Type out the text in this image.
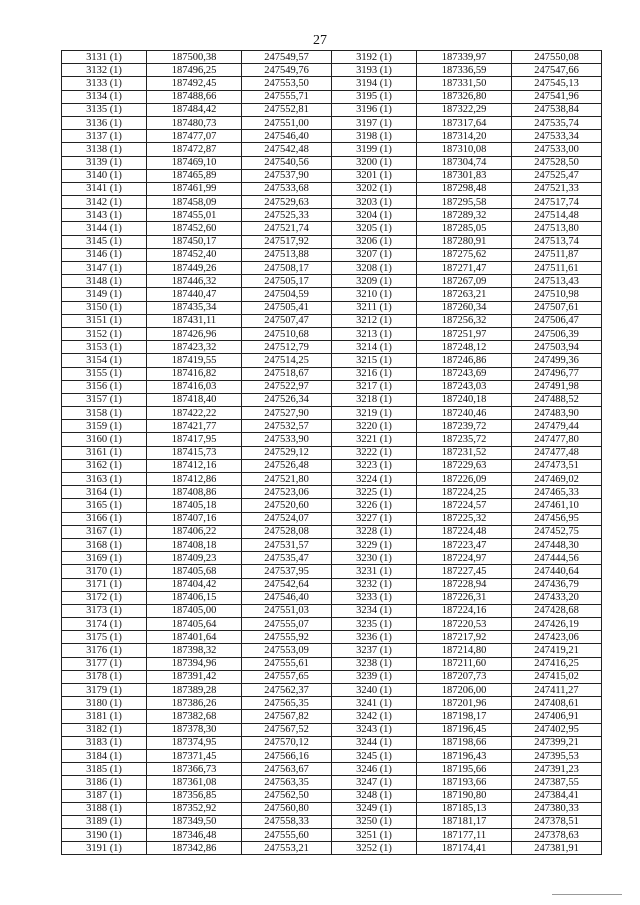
27
3131 (1)	187500,38	247549,57	3192 (1)	187339,97	247550,08
3132 (1)	187496,25	247549,76	3193 (1)	187336,59	247547,66
3133 (1)	187492,45	247553,50	3194 (1)	187331,50	247545,13
3134 (1)	187488,66	247555,71	3195 (1)	187326,80	247541,96
3135 (1)	187484,42	247552,81	3196 (1)	187322,29	247538,84
3136 (1)	187480,73	247551,00	3197 (1)	187317,64	247535,74
3137 (1)	187477,07	247546,40	3198 (1)	187314,20	247533,34
3138 (1)	187472,87	247542,48	3199 (1)	187310,08	247533,00
3139 (1)	187469,10	247540,56	3200 (1)	187304,74	247528,50
3140 (1)	187465,89	247537,90	3201 (1)	187301,83	247525,47
3141 (1)	187461,99	247533,68	3202 (1)	187298,48	247521,33
3142 (1)	187458,09	247529,63	3203 (1)	187295,58	247517,74
3143 (1)	187455,01	247525,33	3204 (1)	187289,32	247514,48
3144 (1)	187452,60	247521,74	3205 (1)	187285,05	247513,80
3145 (1)	187450,17	247517,92	3206 (1)	187280,91	247513,74
3146 (1)	187452,40	247513,88	3207 (1)	187275,62	247511,87
3147 (1)	187449,26	247508,17	3208 (1)	187271,47	247511,61
3148 (1)	187446,32	247505,17	3209 (1)	187267,09	247513,43
3149 (1)	187440,47	247504,59	3210 (1)	187263,21	247510,98
3150 (1)	187435,34	247505,41	3211 (1)	187260,34	247507,61
3151 (1)	187431,11	247507,47	3212 (1)	187256,32	247506,47
3152 (1)	187426,96	247510,68	3213 (1)	187251,97	247506,39
3153 (1)	187423,32	247512,79	3214 (1)	187248,12	247503,94
3154 (1)	187419,55	247514,25	3215 (1)	187246,86	247499,36
3155 (1)	187416,82	247518,67	3216 (1)	187243,69	247496,77
3156 (1)	187416,03	247522,97	3217 (1)	187243,03	247491,98
3157 (1)	187418,40	247526,34	3218 (1)	187240,18	247488,52
3158 (1)	187422,22	247527,90	3219 (1)	187240,46	247483,90
3159 (1)	187421,77	247532,57	3220 (1)	187239,72	247479,44
3160 (1)	187417,95	247533,90	3221 (1)	187235,72	247477,80
3161 (1)	187415,73	247529,12	3222 (1)	187231,52	247477,48
3162 (1)	187412,16	247526,48	3223 (1)	187229,63	247473,51
3163 (1)	187412,86	247521,80	3224 (1)	187226,09	247469,02
3164 (1)	187408,86	247523,06	3225 (1)	187224,25	247465,33
3165 (1)	187405,18	247520,60	3226 (1)	187224,57	247461,10
3166 (1)	187407,16	247524,07	3227 (1)	187225,32	247456,95
3167 (1)	187406,22	247528,08	3228 (1)	187224,48	247452,75
3168 (1)	187408,18	247531,57	3229 (1)	187223,47	247448,30
3169 (1)	187409,23	247535,47	3230 (1)	187224,97	247444,56
3170 (1)	187405,68	247537,95	3231 (1)	187227,45	247440,64
3171 (1)	187404,42	247542,64	3232 (1)	187228,94	247436,79
3172 (1)	187406,15	247546,40	3233 (1)	187226,31	247433,20
3173 (1)	187405,00	247551,03	3234 (1)	187224,16	247428,68
3174 (1)	187405,64	247555,07	3235 (1)	187220,53	247426,19
3175 (1)	187401,64	247555,92	3236 (1)	187217,92	247423,06
3176 (1)	187398,32	247553,09	3237 (1)	187214,80	247419,21
3177 (1)	187394,96	247555,61	3238 (1)	187211,60	247416,25
3178 (1)	187391,42	247557,65	3239 (1)	187207,73	247415,02
3179 (1)	187389,28	247562,37	3240 (1)	187206,00	247411,27
3180 (1)	187386,26	247565,35	3241 (1)	187201,96	247408,61
3181 (1)	187382,68	247567,82	3242 (1)	187198,17	247406,91
3182 (1)	187378,30	247567,52	3243 (1)	187196,45	247402,95
3183 (1)	187374,95	247570,12	3244 (1)	187198,66	247399,21
3184 (1)	187371,45	247566,16	3245 (1)	187196,43	247395,53
3185 (1)	187366,73	247563,67	3246 (1)	187195,66	247391,23
3186 (1)	187361,08	247563,35	3247 (1)	187193,66	247387,55
3187 (1)	187356,85	247562,50	3248 (1)	187190,80	247384,41
3188 (1)	187352,92	247560,80	3249 (1)	187185,13	247380,33
3189 (1)	187349,50	247558,33	3250 (1)	187181,17	247378,51
3190 (1)	187346,48	247555,60	3251 (1)	187177,11	247378,63
3191 (1)	187342,86	247553,21	3252 (1)	187174,41	247381,91
